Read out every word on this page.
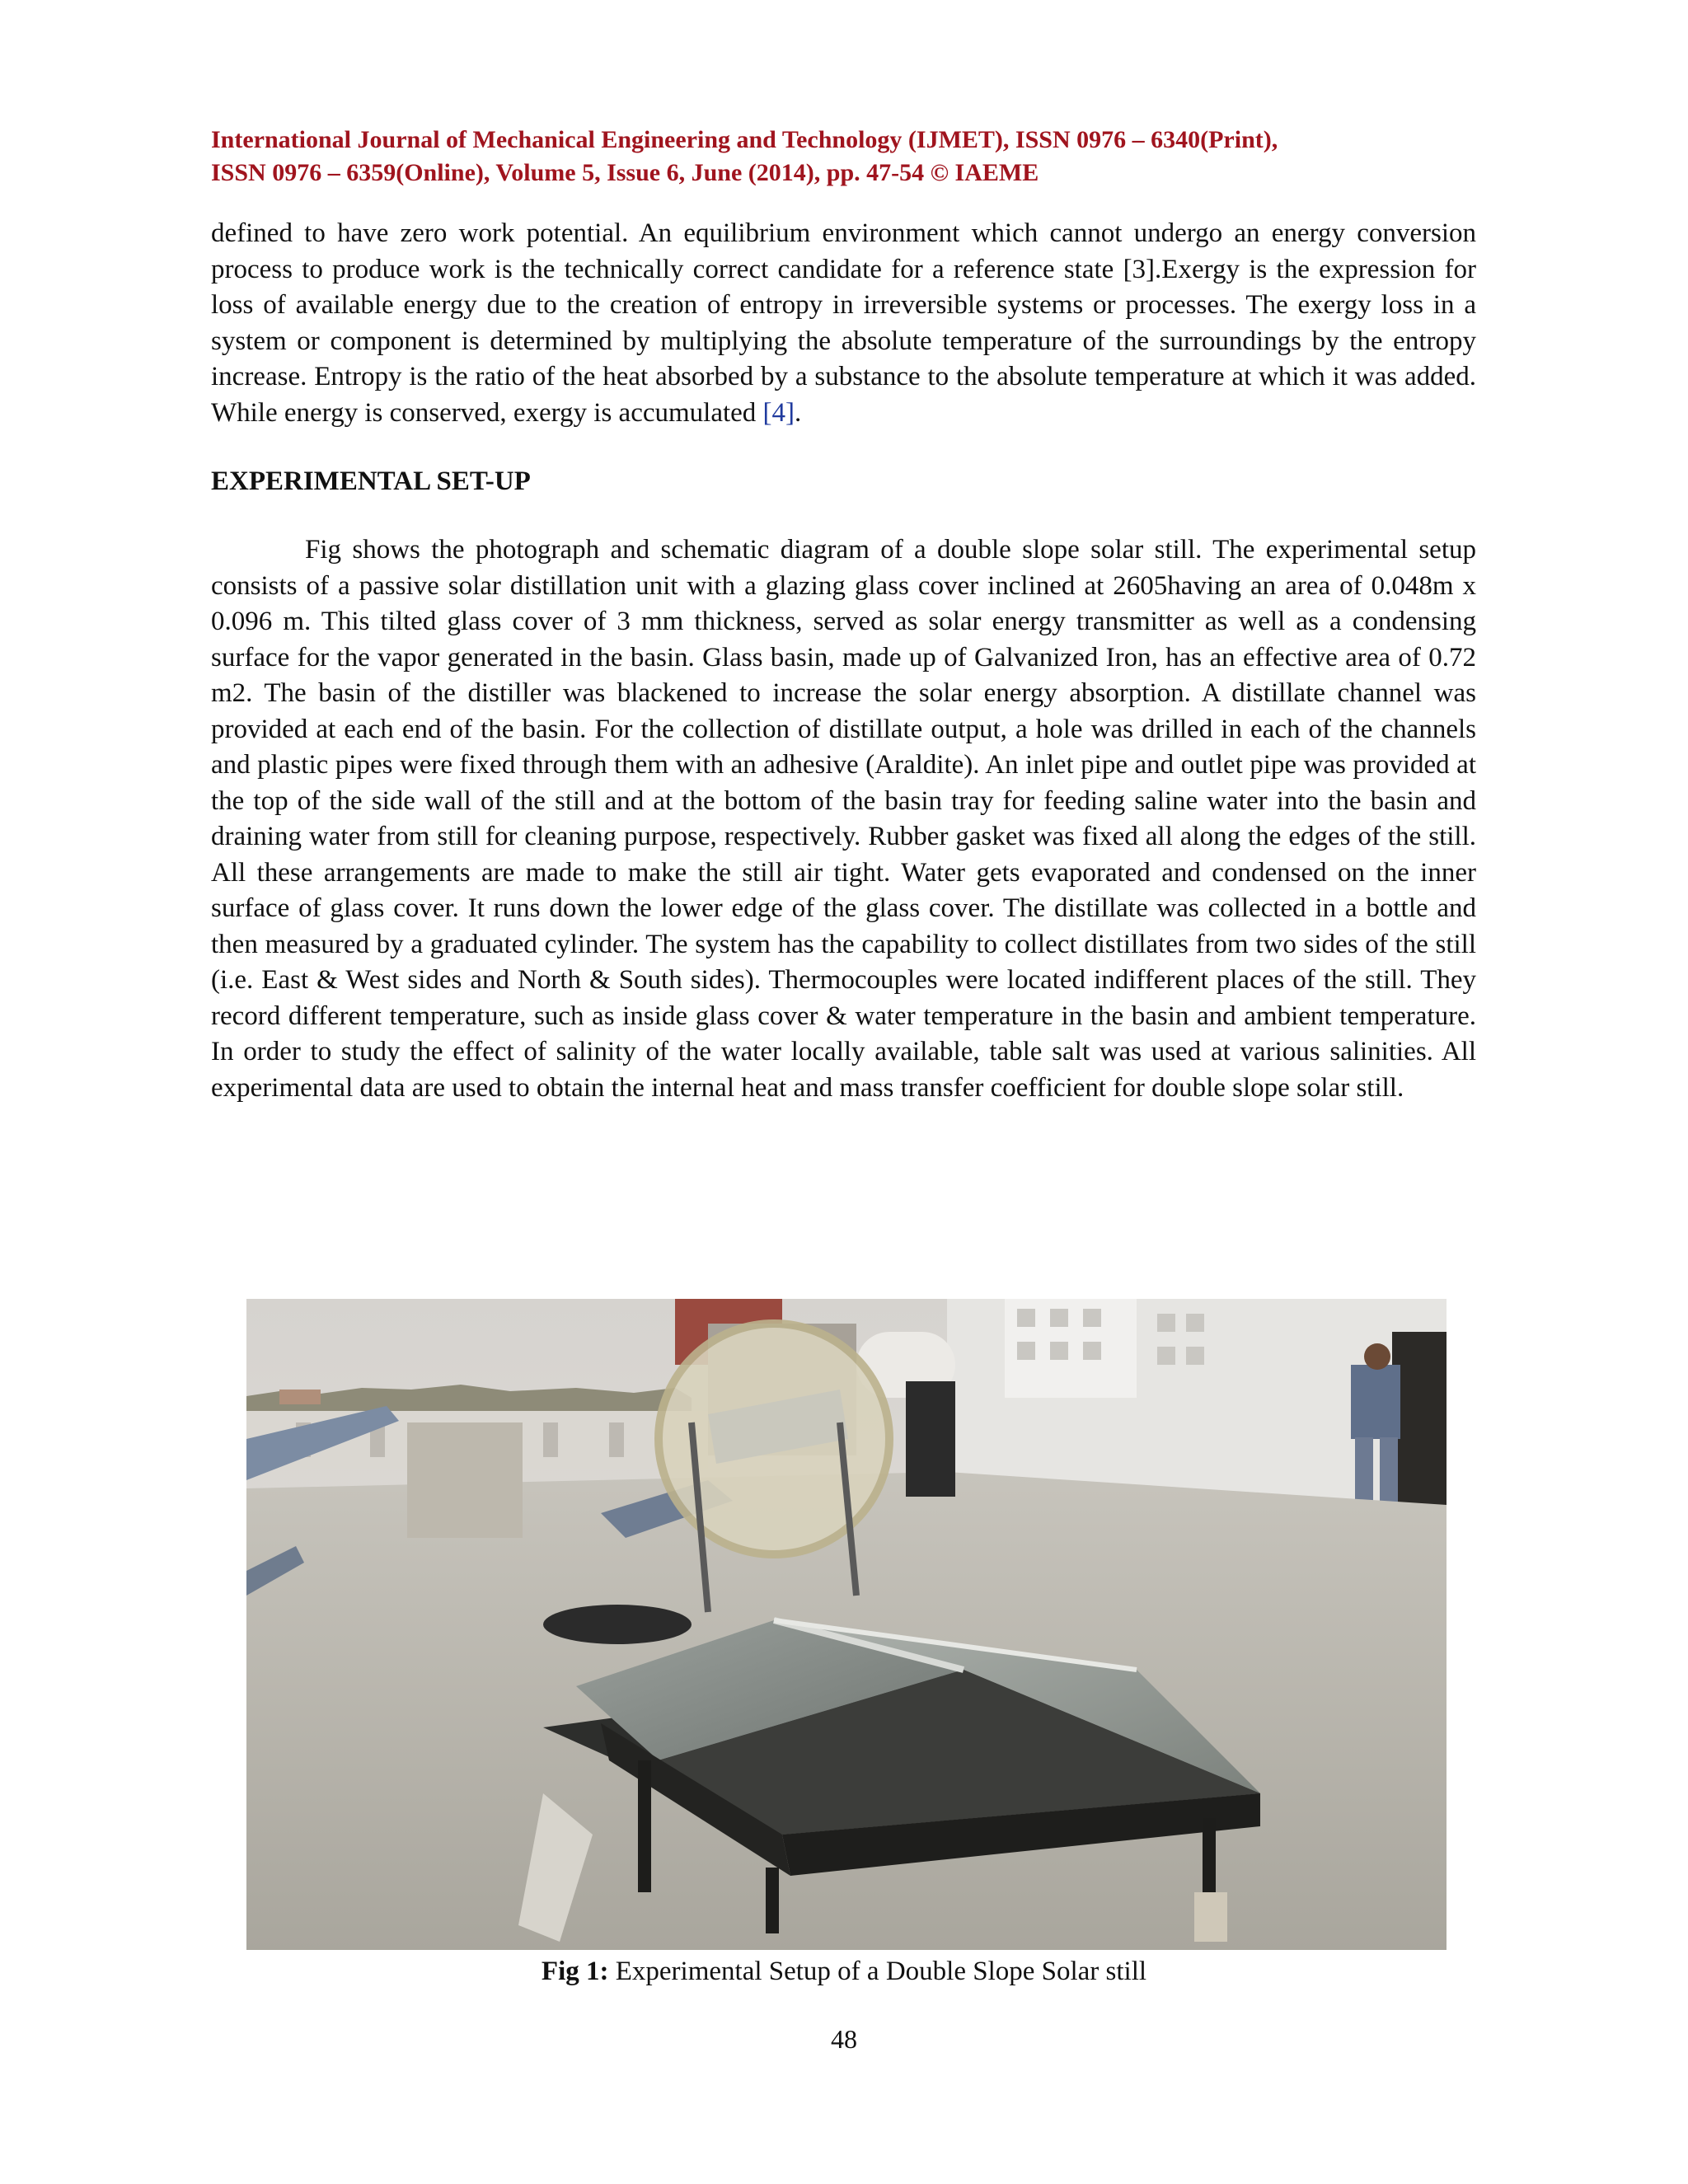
International Journal of Mechanical Engineering and Technology (IJMET), ISSN 0976 – 6340(Print),
ISSN 0976 – 6359(Online), Volume 5, Issue 6, June (2014), pp. 47-54 © IAEME

defined to have zero work potential. An equilibrium environment which cannot undergo an energy conversion process to produce work is the technically correct candidate for a reference state [3].Exergy is the expression for loss of available energy due to the creation of entropy in irreversible systems or processes. The exergy loss in a system or component is determined by multiplying the absolute temperature of the surroundings by the entropy increase. Entropy is the ratio of the heat absorbed by a substance to the absolute temperature at which it was added. While energy is conserved, exergy is accumulated [4].

EXPERIMENTAL SET-UP

Fig shows the photograph and schematic diagram of a double slope solar still. The experimental setup consists of a passive solar distillation unit with a glazing glass cover inclined at 2605having an area of 0.048m x 0.096 m. This tilted glass cover of 3 mm thickness, served as solar energy transmitter as well as a condensing surface for the vapor generated in the basin. Glass basin, made up of Galvanized Iron, has an effective area of 0.72 m2. The basin of the distiller was blackened to increase the solar energy absorption. A distillate channel was provided at each end of the basin. For the collection of distillate output, a hole was drilled in each of the channels and plastic pipes were fixed through them with an adhesive (Araldite). An inlet pipe and outlet pipe was provided at the top of the side wall of the still and at the bottom of the basin tray for feeding saline water into the basin and draining water from still for cleaning purpose, respectively. Rubber gasket was fixed all along the edges of the still. All these arrangements are made to make the still air tight. Water gets evaporated and condensed on the inner surface of glass cover. It runs down the lower edge of the glass cover. The distillate was collected in a bottle and then measured by a graduated cylinder. The system has the capability to collect distillates from two sides of the still (i.e. East & West sides and North & South sides). Thermocouples were located indifferent places of the still. They record different temperature, such as inside glass cover & water temperature in the basin and ambient temperature. In order to study the effect of salinity of the water locally available, table salt was used at various salinities. All experimental data are used to obtain the internal heat and mass transfer coefficient for double slope solar still.

Fig 1: Experimental Setup of a Double Slope Solar still
48
